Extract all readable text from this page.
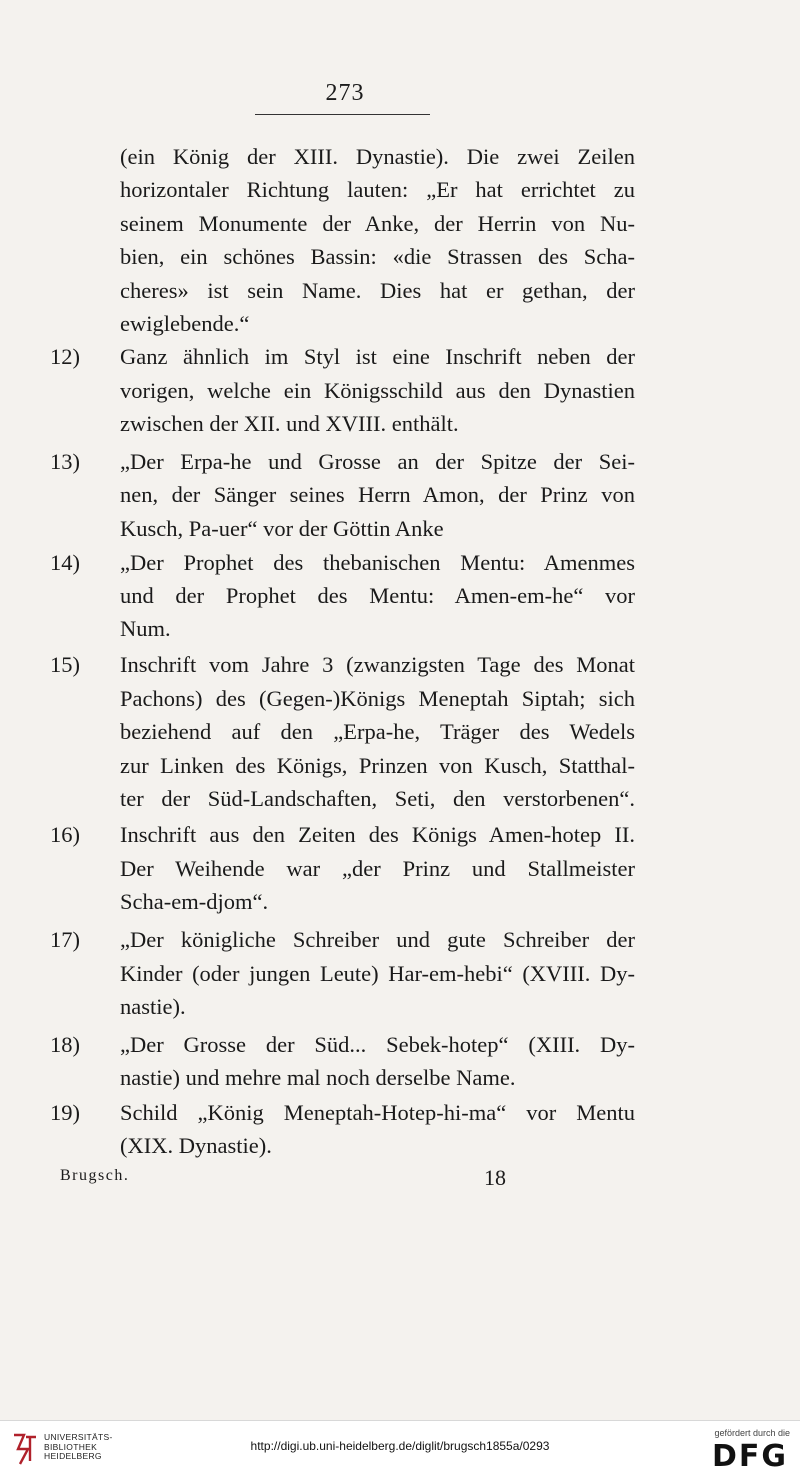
273
(ein König der XIII. Dynastie). Die zwei Zeilen
horizontaler Richtung lauten: „Er hat errichtet zu
seinem Monumente der Anke, der Herrin von Nu-
bien, ein schönes Bassin: «die Strassen des Scha-
cheres» ist sein Name. Dies hat er gethan, der
ewiglebende.“
12)	Ganz ähnlich im Styl ist eine Inschrift neben der
vorigen, welche ein Königsschild aus den Dynastien
zwischen der XII. und XVIII. enthält.
13)	„Der Erpa-he und Grosse an der Spitze der Sei-
nen, der Sänger seines Herrn Amon, der Prinz von
Kusch, Pa-uer“ vor der Göttin Anke
14)	„Der Prophet des thebanischen Mentu: Amenmes
und der Prophet des Mentu: Amen-em-he“ vor
Num.
15)	Inschrift vom Jahre 3 (zwanzigsten Tage des Monat
Pachons) des (Gegen-)Königs Meneptah Siptah; sich
beziehend auf den „Erpa-he, Träger des Wedels
zur Linken des Königs, Prinzen von Kusch, Statthal-
ter der Süd-Landschaften, Seti, den verstorbenen“.
16)	Inschrift aus den Zeiten des Königs Amen-hotep II.
Der Weihende war „der Prinz und Stallmeister
Scha-em-djom“.
17)	„Der königliche Schreiber und gute Schreiber der
Kinder (oder jungen Leute) Har-em-hebi“ (XVIII. Dy-
nastie).
18)	„Der Grosse der Süd... Sebek-hotep“ (XIII. Dy-
nastie) und mehre mal noch derselbe Name.
19)	Schild „König Meneptah-Hotep-hi-ma“ vor Mentu
(XIX. Dynastie).
Brugsch.	18
UNIVERSITÄTS-
BIBLIOTHEK
HEIDELBERG
http://digi.ub.uni-heidelberg.de/diglit/brugsch1855a/0293
gefördert durch die
DFG
